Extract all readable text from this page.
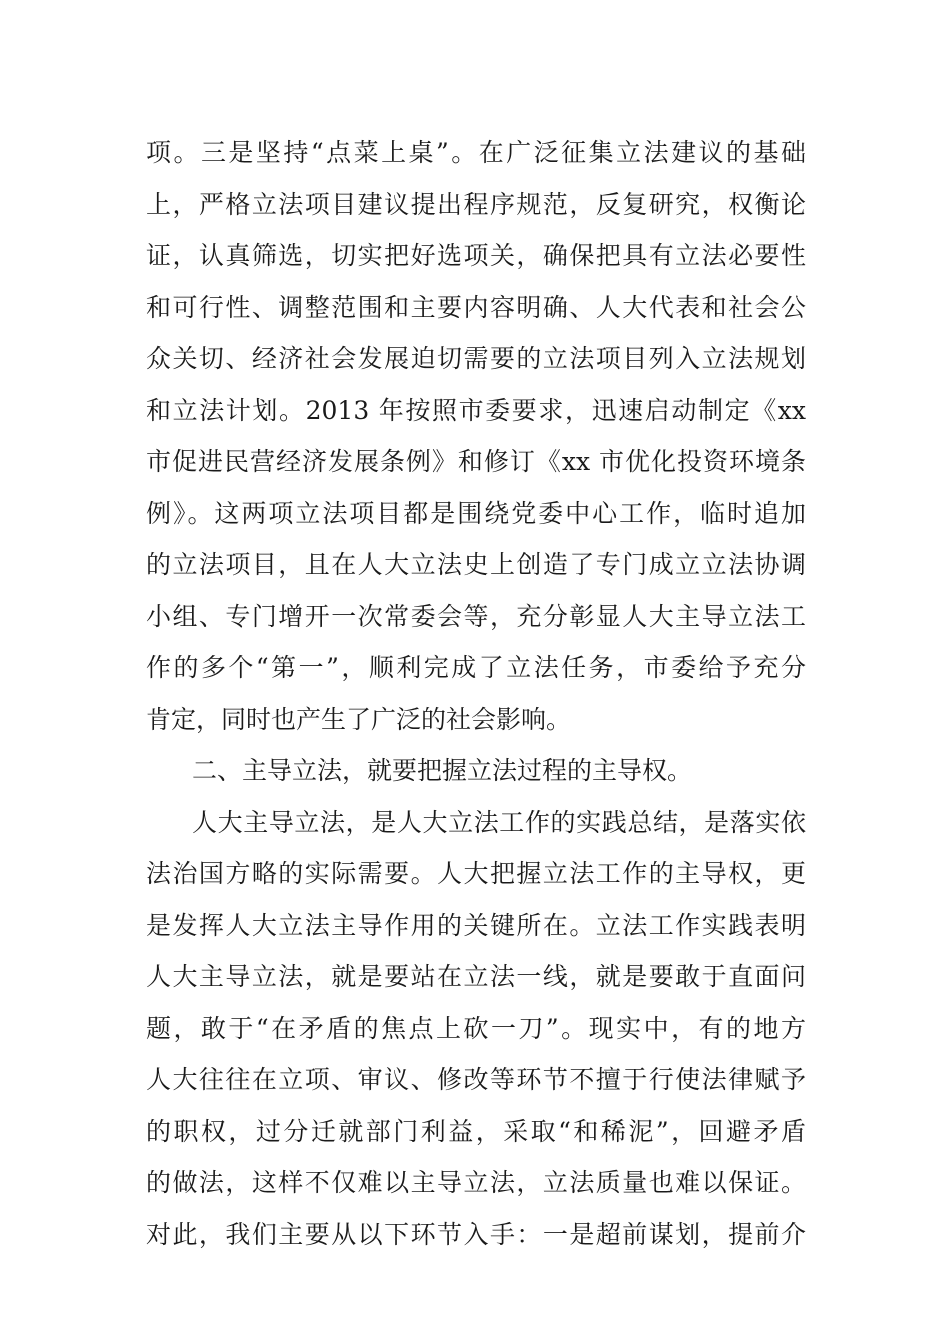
项。三是坚持“点菜上桌”。在广泛征集立法建议的基础
上，严格立法项目建议提出程序规范，反复研究，权衡论
证，认真筛选，切实把好选项关，确保把具有立法必要性
和可行性、调整范围和主要内容明确、人大代表和社会公
众关切、经济社会发展迫切需要的立法项目列入立法规划
和立法计划。2013 年按照市委要求，迅速启动制定《xx
市促进民营经济发展条例》和修订《xx 市优化投资环境条
例》。这两项立法项目都是围绕党委中心工作，临时追加
的立法项目，且在人大立法史上创造了专门成立立法协调
小组、专门增开一次常委会等，充分彰显人大主导立法工
作的多个“第一”，顺利完成了立法任务，市委给予充分
肯定，同时也产生了广泛的社会影响。
二、主导立法，就要把握立法过程的主导权。
人大主导立法，是人大立法工作的实践总结，是落实依
法治国方略的实际需要。人大把握立法工作的主导权，更
是发挥人大立法主导作用的关键所在。立法工作实践表明
人大主导立法，就是要站在立法一线，就是要敢于直面问
题，敢于“在矛盾的焦点上砍一刀”。现实中，有的地方
人大往往在立项、审议、修改等环节不擅于行使法律赋予
的职权，过分迁就部门利益，采取“和稀泥”，回避矛盾
的做法，这样不仅难以主导立法，立法质量也难以保证。
对此，我们主要从以下环节入手：一是超前谋划，提前介
